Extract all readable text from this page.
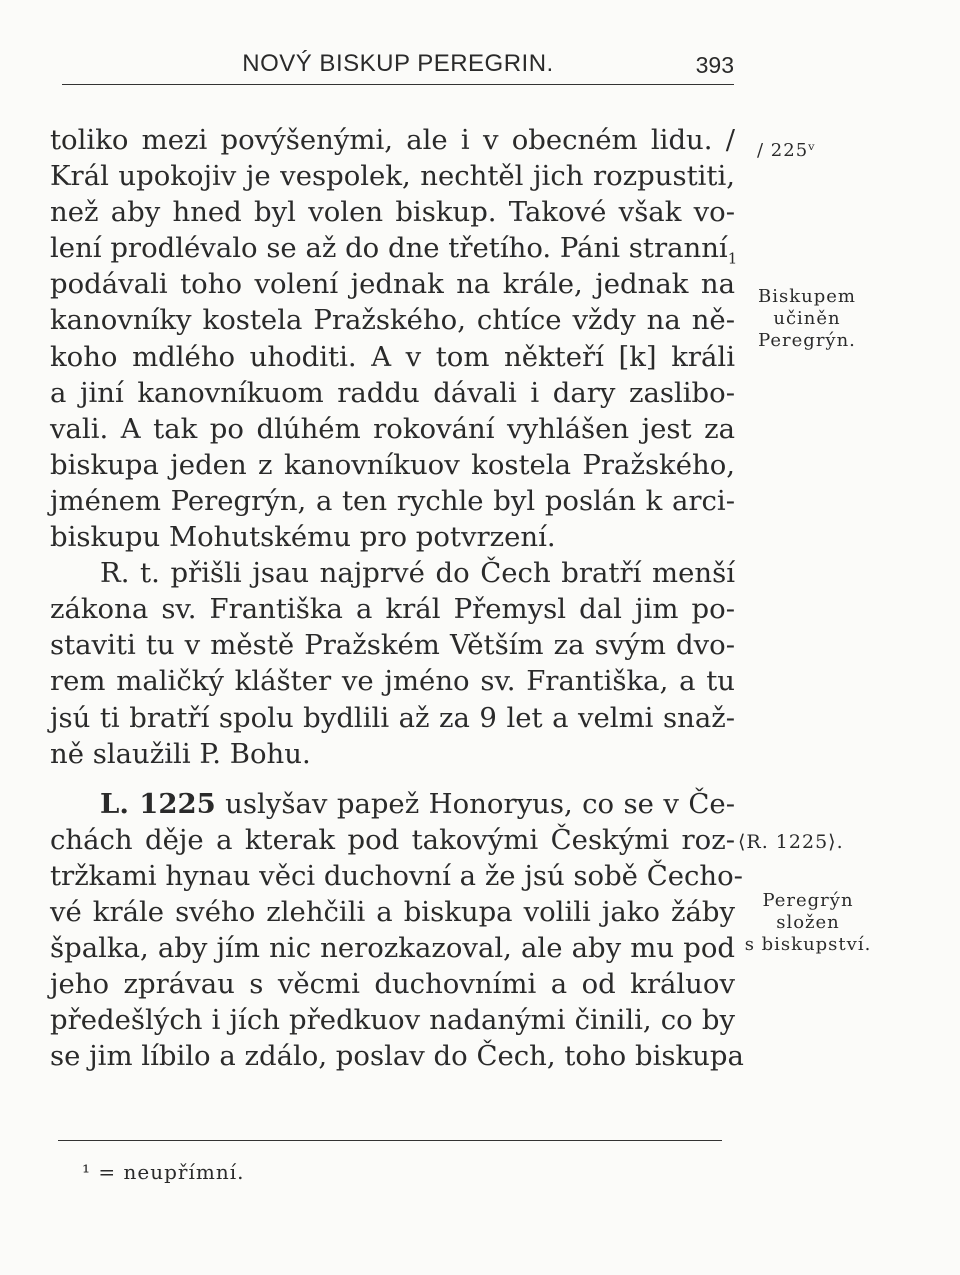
NOVÝ BISKUP PEREGRIN.	393
toliko mezi povýšenými, ale i v obecném lidu. /
Král upokojiv je vespolek, nechtěl jich rozpustiti,
než aby hned byl volen biskup. Takové však vo-
lení prodlévalo se až do dne třetího. Páni stranní$_1$
podávali toho volení jednak na krále, jednak na
kanovníky kostela Pražského, chtíce vždy na ně-
koho mdlého uhoditi. A v tom někteří [k] králi
a jiní kanovníkuom raddu dávali i dary zaslibo-
vali. A tak po dlúhém rokování vyhlášen jest za
biskupa jeden z kanovníkuov kostela Pražského,
jménem Peregrýn, a ten rychle byl poslán k arci-
biskupu Mohutskému pro potvrzení.
R. t. přišli jsau najprvé do Čech bratří menší
zákona sv. Františka a král Přemysl dal jim po-
staviti tu v městě Pražském Větším za svým dvo-
rem maličký klášter ve jméno sv. Františka, a tu
jsú ti bratří spolu bydlili až za 9 let a velmi snaž-
ně slaužili P. Bohu.
L. 1225 uslyšav papež Honoryus, co se v Če-
chách děje a kterak pod takovými Českými roz-
tržkami hynau věci duchovní a že jsú sobě Čecho-
vé krále svého zlehčili a biskupa volili jako žáby
špalka, aby jím nic nerozkazoval, ale aby mu pod
jeho zprávau s věcmi duchovními a od králuov
předešlých i jích předkuov nadanými činili, co by
se jim líbilo a zdálo, poslav do Čech, toho biskupa
/ 225ᵛ
Biskupem
učiněn
Peregrýn.
⟨R. 1225⟩.
Peregrýn
složen
s biskupství.
¹ = neupřímní.
